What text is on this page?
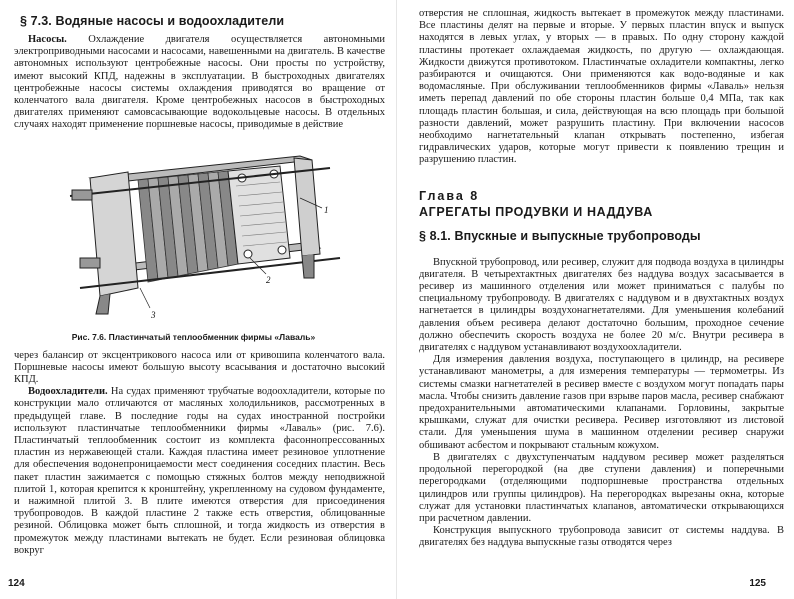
§ 7.3. Водяные насосы и водоохладители

Насосы. Охлаждение двигателя осуществляется автономными электроприводными насосами и насосами, навешенными на двигатель. В качестве автономных используют центробежные насосы. Они просты по устройству, имеют высокий КПД, надежны в эксплуатации. В быстроходных двигателях центробежные насосы системы охлаждения приводятся во вращение от коленчатого вала двигателя. Кроме центробежных насосов в быстроходных двигателях применяют самовсасывающие водокольцевые насосы. В отдельных случаях находят применение поршневые насосы, приводимые в действие

1
2
3
Рис. 7.6. Пластинчатый теплообменник фирмы «Лаваль»

через балансир от эксцентрикового насоса или от кривошипа коленчатого вала. Поршневые насосы имеют большую высоту всасывания и достаточно высокий КПД.

Водоохладители. На судах применяют трубчатые водоохладители, которые по конструкции мало отличаются от масляных холодильников, рассмотренных в предыдущей главе. В последние годы на судах иностранной постройки используют пластинчатые теплообменники фирмы «Лаваль» (рис. 7.6). Пластинчатый теплообменник состоит из комплекта фасоннопрессованных пластин из нержавеющей стали. Каждая пластина имеет резиновое уплотнение для обеспечения водонепроницаемости мест соединения соседних пластин. Весь пакет пластин зажимается с помощью стяжных болтов между неподвижной плитой 1, которая крепится к кронштейну, укрепленному на судовом фундаменте, и нажимной плитой 3. В плите имеются отверстия для присоединения трубопроводов. В каждой пластине 2 также есть отверстия, облицованные резиной. Облицовка может быть сплошной, и тогда жидкость из отверстия в промежуток между пластинами вытекать не будет. Если резиновая облицовка вокруг

124

отверстия не сплошная, жидкость вытекает в промежуток между пластинами. Все пластины делят на первые и вторые. У первых пластин впуск и выпуск находятся в левых углах, у вторых — в правых. По одну сторону каждой пластины протекает охлаждаемая жидкость, по другую — охлаждающая. Жидкости движутся противотоком. Пластинчатые охладители компактны, легко разбираются и очищаются. Они применяются как водо-водяные и как водомасляные. При обслуживании теплообменников фирмы «Лаваль» нельзя иметь перепад давлений по обе стороны пластин больше 0,4 МПа, так как площадь пластин большая, и сила, действующая на всю площадь при большой разности давлений, может разрушить пластину. При включении насосов необходимо нагнетательный клапан открывать постепенно, избегая гидравлических ударов, которые могут привести к появлению трещин и разрушению пластин.

Глава 8
АГРЕГАТЫ ПРОДУВКИ И НАДДУВА
§ 8.1. Впускные и выпускные трубопроводы

Впускной трубопровод, или ресивер, служит для подвода воздуха в цилиндры двигателя. В четырехтактных двигателях без наддува воздух засасывается в ресивер из машинного отделения или может приниматься с палубы по специальному трубопроводу. В двигателях с наддувом и в двухтактных воздух нагнетается в цилиндры воздухонагнетателями. Для уменьшения колебаний давления объем ресивера делают достаточно большим, проходное сечение должно обеспечить скорость воздуха не более 20 м/с. Внутри ресивера в двигателях с наддувом устанавливают воздухоохладители.

Для измерения давления воздуха, поступающего в цилиндр, на ресивере устанавливают манометры, а для измерения температуры — термометры. Из системы смазки нагнетателей в ресивер вместе с воздухом могут попадать пары масла. Чтобы снизить давление газов при взрыве паров масла, ресивер снабжают предохранительными автоматическими клапанами. Горловины, закрытые крышками, служат для очистки ресивера. Ресивер изготовляют из листовой стали. Для уменьшения шума в машинном отделении ресивер снаружи обшивают асбестом и покрывают стальным кожухом.

В двигателях с двухступенчатым наддувом ресивер может разделяться продольной перегородкой (на две ступени давления) и поперечными перегородками (отделяющими подпоршневые пространства отдельных цилиндров или группы цилиндров). На перегородках вырезаны окна, которые служат для установки пластинчатых клапанов, автоматически открывающихся при расчетном давлении.

Конструкция выпускного трубопровода зависит от системы наддува. В двигателях без наддува выпускные газы отводятся через

125
